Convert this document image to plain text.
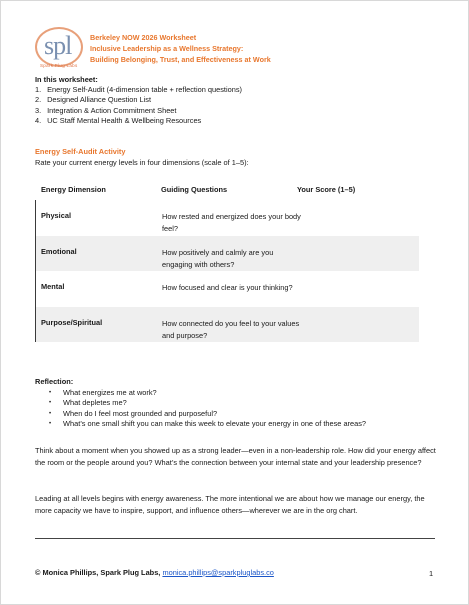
spl
Spark Plug Labs
Berkeley NOW 2026 Worksheet
Inclusive Leadership as a Wellness Strategy:
Building Belonging, Trust, and Effectiveness at Work
In this worksheet:
1. Energy Self-Audit (4-dimension table + reflection questions)
2. Designed Alliance Question List
3. Integration & Action Commitment Sheet
4. UC Staff Mental Health & Wellbeing Resources
Energy Self-Audit Activity
Rate your current energy levels in four dimensions (scale of 1–5):
Energy Dimension	Guiding Questions	Your Score (1–5)
Physical	How rested and energized does your body feel?
Emotional	How positively and calmly are you engaging with others?
Mental	How focused and clear is your thinking?
Purpose/Spiritual	How connected do you feel to your values and purpose?
Reflection:
• What energizes me at work?
• What depletes me?
• When do I feel most grounded and purposeful?
• What’s one small shift you can make this week to elevate your energy in one of these areas?
Think about a moment when you showed up as a strong leader—even in a non-leadership role. How did your energy affect the room or the people around you? What’s the connection between your internal state and your leadership presence?
Leading at all levels begins with energy awareness. The more intentional we are about how we manage our energy, the more capacity we have to inspire, support, and influence others—wherever we are in the org chart.
© Monica Phillips, Spark Plug Labs, monica.phillips@sparkpluglabs.co	1
